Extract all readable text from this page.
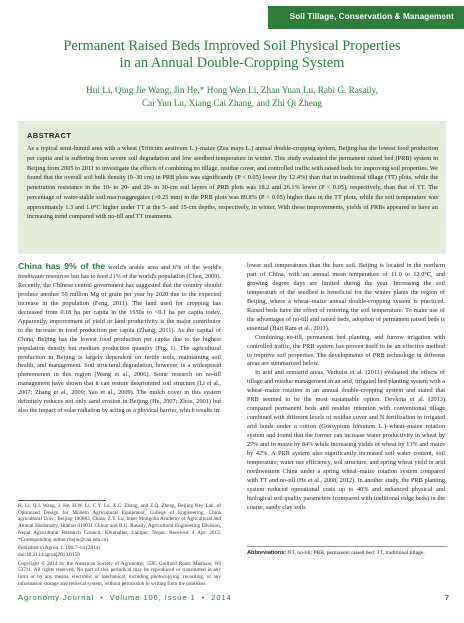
Soil Tillage, Conservation & Management
Permanent Raised Beds Improved Soil Physical Properties
in an Annual Double-Cropping System
Hui Li, Qing Jie Wang, Jin He,* Hong Wen Li, Zhan Yuan Lu, Rabi G. Rasaily,
Cai Yun Lu, Xiang Cai Zhang, and Zhi Qi Zheng
ABSTRACT
As a typical semi-humid area with a wheat (Triticum aestivum L.)–maize (Zea mays L.) annual double-cropping system, Beijing has the lowest food production per capita and is suffering from severe soil degradation and low seedbed temperature in winter. This study evaluated the permanent raised bed (PRB) system in Beijing from 2005 to 2011 to investigate the effects of combining no tillage, residue cover, and controlled traffic with raised beds for improving soil properties. We found that the overall soil bulk density (0–30 cm) in PRB plots was significantly (P < 0.05) lower (by 12.4%) than that in traditional tillage (TT) plots, while the penetration resistance in the 10- to 20- and 20- to 30-cm soil layers of PRB plots was 18.2 and 26.1% lower (P < 0.05), respectively, than that of TT. The percentage of water-stable soil macroaggregates (>0.25 mm) in the PRB plots was 89.8% (P < 0.05) higher than in the TT plots, while the soil temperature was approximately 1.3 and 1.0°C higher under TT at the 5- and 15-cm depths, respectively, in winter. With these improvements, yields of PRBs appeared to have an increasing trend compared with no-till and TT treatments.

China has 9% of the world's arable area and 6% of the world's freshwater resources but has to feed 21% of the world's population (Chen, 2009). Recently, the Chinese central government has suggested that the country should produce another 50 million Mg of grain per year by 2020 due to the expected increase in the population (Feng, 2011). The land used for cropping has decreased from 0.18 ha per capita in the 1950s to <0.1 ha per capita today. Apparently, improvement of yield or land productivity is the major contributor to the increase in food production per capita (Zhang, 2011). As the capital of China, Beijing has the lowest food production per capita due to the highest population density but medium production quantity (Fig. 1). The agricultural production in Beijing is largely dependent on fertile soils, maintaining soil health, and management. Soil structural degradation, however, is a widespread phenomenon in this region (Wang et al., 2006). Some research on no-till management have shown that it can restore deteriorated soil structure (Li et al., 2007; Zhang et al., 2009; Yao et al., 2009). The mulch cover in this system definitely reduces not only sand erosion in Beijing (He, 2007; Zhou, 2001) but also the impact of solar radiation by acting as a physical barrier, which results in

H. Li, Q.J. Wang, J. He, H.W. Li, C.Y. Lu, X.C. Zhang, and Z.Q. Zheng, Beijing Key Lab. of Optimized Design for Modern Agricultural Equipment, College of Engineering, China agricultural Univ., Beijing 100083, China; Z.Y. Lu, Inner Mongolia Academy of Agricultural and Animal Husbandry, Huhhot 010031 China; and R.G. Rasaily, Agricultural Engineering Division, Nepal Agricultural Research Council, Khumaltar, Lalitpur, Nepal. Received 4 Apr. 2013. *Corresponding author (hejin@cau.edu.cn).

Published in Agron. J. 106:7–14 (2014)

doi:10.2134/agronj2013.0159

Copyright © 2014 by the American Society of Agronomy, 5585 Guilford Road, Madison, WI 53711. All rights reserved. No part of this periodical may be reproduced or transmitted in any form or by any means, electronic or mechanical, including photocopying, recording, or any information storage and retrieval system, without permission in writing from the publisher.

lower soil temperatures than the bare soil. Beijing is located in the northern part of China, with an annual mean temperature of 11.0 to 12.0°C, and growing degree days are limited during the year. Increasing the soil temperature of the seedbed is beneficial for the winter plants the region of Beijing, where a wheat–maize annual double-cropping system is practiced. Raised beds have the effect of restoring the soil temperature. To make use of the advantages of no-till and raised beds, adoption of permanent raised beds is essential (Hari Ram et al., 2011).

Combining no-till, permanent bed planting, and furrow irrigation with controlled traffic, the PRB system has proven itself to be an effective method to improve soil properties. The developments of PRB technology in different areas are summarized below.

In arid and semiarid areas, Verhulst et al. (2011) evaluated the effects of tillage and residue management in an arid, irrigated bed planting system with a wheat–maize rotation in an annual double-cropping system and stated that PRB seemed to be the most sustainable option. Devkota et al. (2013) compared permanent beds and residue retention with conventional tillage combined with different levels of residue cover and N fertilization in irrigated arid lands under a cotton (Gossypium hirsutum L.)–wheat–maize rotation system and found that the former can increase water productivity in wheat by 27% and in maize by 84% while increasing yields of wheat by 13% and maize by 42%. A PRB system also significantly increased soil water content, soil temperature, water use efficiency, soil structure, and spring wheat yield in arid northwestern China under a spring wheat–maize rotation system compared with TT and no-till (He et al., 2008, 2012). In another study, the PRB planting system reduced operational costs up to 40% and enhanced physical and biological soil quality parameters (compared with traditional ridge beds) in the coarse, sandy clay soils

Abbreviations: NT, no-till; PRB, permanent raised bed; TT, traditional tillage.
Agronomy Journal • Volume 106, Issue 1 • 2014	7
